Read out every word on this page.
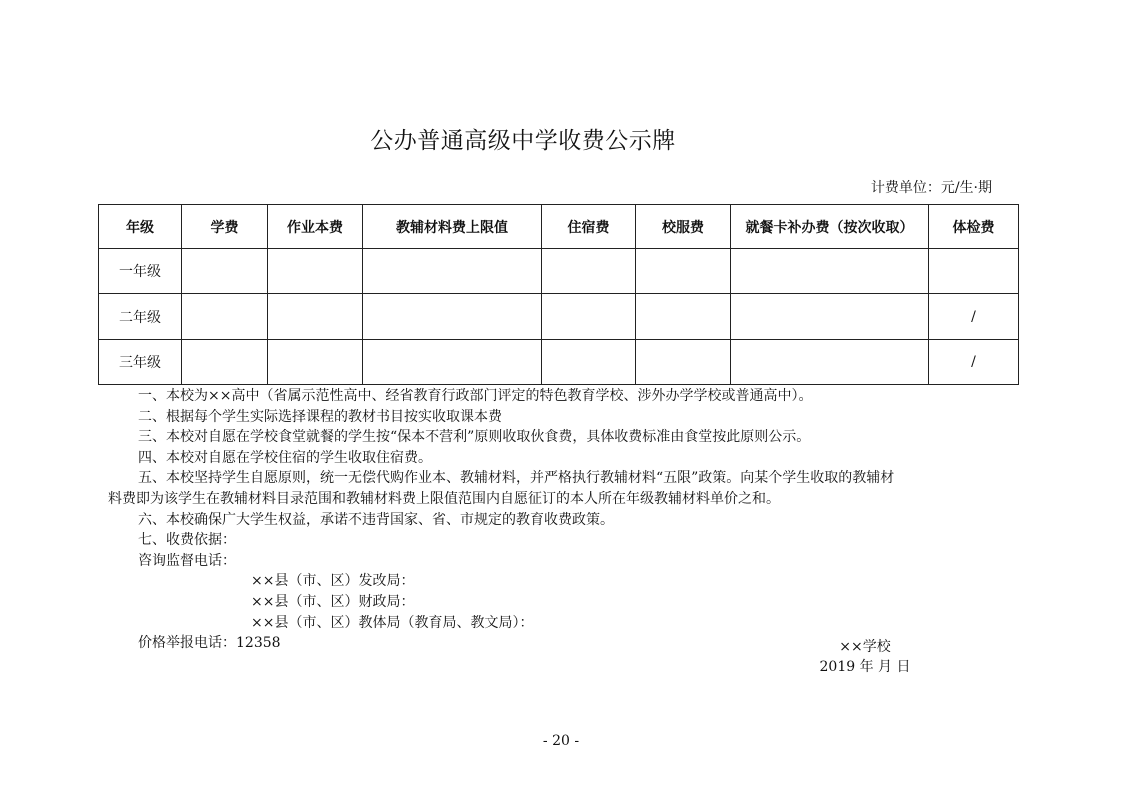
公办普通高级中学收费公示牌
计费单位：元/生·期
年级	学费	作业本费	教辅材料费上限值	住宿费	校服费	就餐卡补办费（按次收取）	体检费
一年级							
二年级							/
三年级							/
一、本校为××高中（省属示范性高中、经省教育行政部门评定的特色教育学校、涉外办学学校或普通高中）。
二、根据每个学生实际选择课程的教材书目按实收取课本费
三、本校对自愿在学校食堂就餐的学生按“保本不营利”原则收取伙食费，具体收费标准由食堂按此原则公示。
四、本校对自愿在学校住宿的学生收取住宿费。
五、本校坚持学生自愿原则，统一无偿代购作业本、教辅材料，并严格执行教辅材料“五限”政策。向某个学生收取的教辅材
料费即为该学生在教辅材料目录范围和教辅材料费上限值范围内自愿征订的本人所在年级教辅材料单价之和。
六、本校确保广大学生权益，承诺不违背国家、省、市规定的教育收费政策。
七、收费依据：
咨询监督电话：
××县（市、区）发改局：
××县（市、区）财政局：
××县（市、区）教体局（教育局、教文局）：
价格举报电话：12358	××学校
2019 年 月 日
- 20 -
